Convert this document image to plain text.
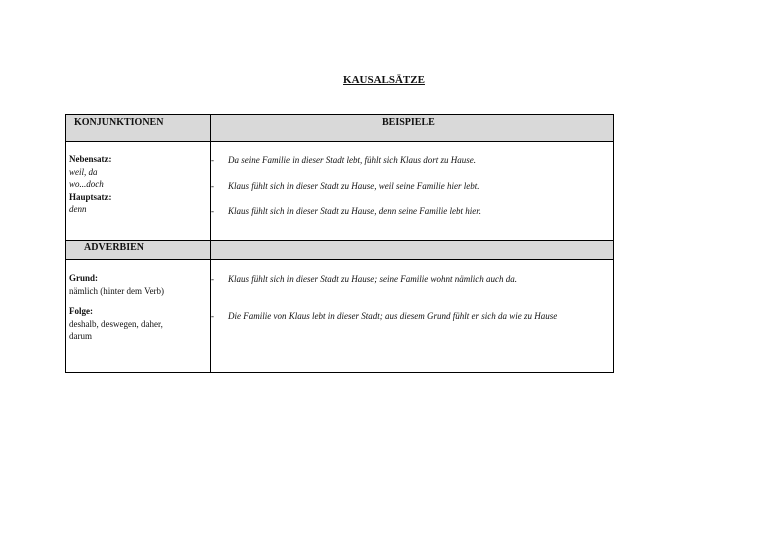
KAUSALSÄTZE
KONJUNKTIONEN	BEISPIELE
ADVERBIEN
Nebensatz:
weil, da
wo...doch
Hauptsatz:
denn
- Da seine Familie in dieser Stadt lebt, fühlt sich Klaus dort zu Hause.
- Klaus fühlt sich in dieser Stadt zu Hause, weil seine Familie hier lebt.
- Klaus fühlt sich in dieser Stadt zu Hause, denn seine Familie lebt hier.
Grund:
nämlich (hinter dem Verb)
Folge:
deshalb, deswegen, daher,
darum
- Klaus fühlt sich in dieser Stadt zu Hause; seine Familie wohnt nämlich auch da.
- Die Familie von Klaus lebt in dieser Stadt; aus diesem Grund fühlt er sich da wie zu Hause
